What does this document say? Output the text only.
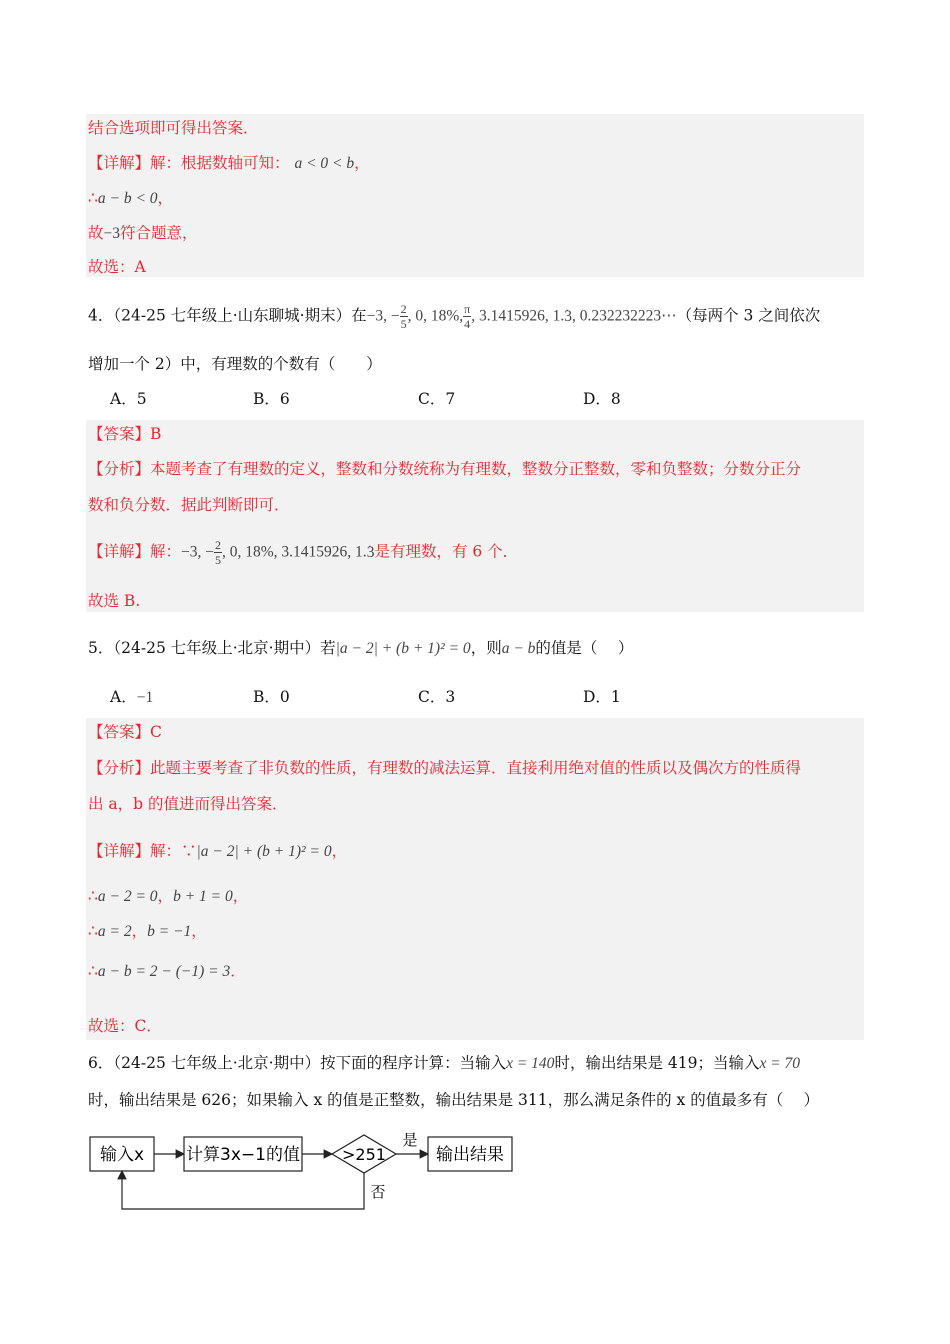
结合选项即可得出答案．
【详解】解：根据数轴可知： a < 0 < b，
∴a − b < 0，
故−3符合题意，
故选：A
4．（24-25 七年级上·山东聊城·期末）在−3, − $\frac{2}{5}$ , 0, 18%, $\frac{\pi}{4}$ , 3.1415926, 1.· 3, 0.232232223⋯（每两个 3 之间依次
增加一个 2）中，有理数的个数有（　　）
A．5	B．6	C．7	D．8
【答案】B
【分析】本题考查了有理数的定义，整数和分数统称为有理数，整数分正整数，零和负整数；分数分正分
数和负分数．据此判断即可．
【详解】解：−3, − $\frac{2}{5}$ , 0, 18%, 3.1415926, 1.· 3是有理数，有 6 个．
故选 B.
5．（24-25 七年级上·北京·期中）若|a − 2| + (b + 1)² = 0，则a − b的值是（　 ）
A．−1	B．0	C．3	D．1
【答案】C
【分析】此题主要考查了非负数的性质，有理数的减法运算．直接利用绝对值的性质以及偶次方的性质得
出 a，b 的值进而得出答案．
【详解】解：∵|a − 2| + (b + 1)² = 0，
∴a − 2 = 0，b + 1 = 0，
∴a = 2，b = −1，
∴a − b = 2 − (−1) = 3．
故选：C．
6．（24-25 七年级上·北京·期中）按下面的程序计算：当输入x = 140时，输出结果是 419；当输入x = 70
时，输出结果是 626；如果输入 x 的值是正整数，输出结果是 311，那么满足条件的 x 的值最多有（　 ）
输入x 计算3x−1的值	>251
是
输出结果
否
